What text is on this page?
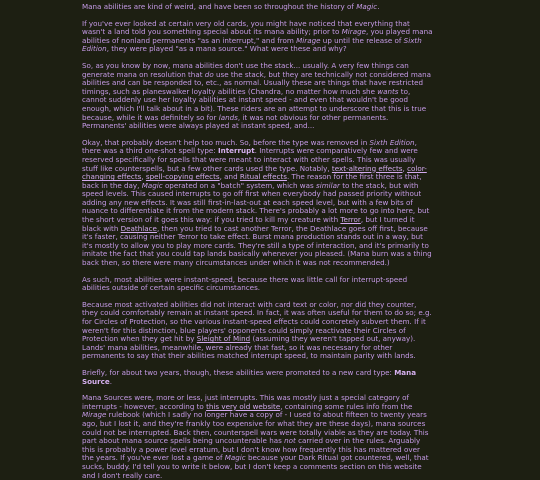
Mana abilities are kind of weird, and have been so throughout the history of Magic.

If you've ever looked at certain very old cards, you might have noticed that everything that wasn't a land told you something special about its mana ability; prior to Mirage, you played mana abilities of nonland permanents "as an interrupt," and from Mirage up until the release of Sixth Edition, they were played "as a mana source." What were these and why?

So, as you know by now, mana abilities don't use the stack... usually. A very few things can generate mana on resolution that do use the stack, but they are technically not considered mana abilities and can be responded to, etc., as normal. Usually these are things that have restricted timings, such as planeswalker loyalty abilities (Chandra, no matter how much she wants to, cannot suddenly use her loyalty abilities at instant speed - and even that wouldn't be good enough, which I'll talk about in a bit). These riders are an attempt to underscore that this is true because, while it was definitely so for lands, it was not obvious for other permanents. Permanents' abilities were always played at instant speed, and...

Okay, that probably doesn't help too much. So, before the type was removed in Sixth Edition, there was a third one-shot spell type: Interrupt. Interrupts were comparatively few and were reserved specifically for spells that were meant to interact with other spells. This was usually stuff like counterspells, but a few other cards used the type. Notably, text-altering effects, color-changing effects, spell-copying effects, and Ritual effects. The reason for the first three is that, back in the day, Magic operated on a "batch" system, which was similar to the stack, but with speed levels. This caused interrupts to go off first when everybody had passed priority without adding any new effects. It was still first-in-last-out at each speed level, but with a few bits of nuance to differentiate it from the modern stack. There's probably a lot more to go into here, but the short version of it goes this way: if you tried to kill my creature with Terror, but I turned it black with Deathlace, then you tried to cast another Terror, the Deathlace goes off first, because it's faster, causing neither Terror to take effect. Burst mana production stands out in a way, but it's mostly to allow you to play more cards. They're still a type of interaction, and it's primarily to imitate the fact that you could tap lands basically whenever you pleased. (Mana burn was a thing back then, so there were many circumstances under which it was not recommended.)

As such, most abilities were instant-speed, because there was little call for interrupt-speed abilities outside of certain specific circumstances.

Because most activated abilities did not interact with card text or color, nor did they counter, they could comfortably remain at instant speed. In fact, it was often useful for them to do so; e.g. for Circles of Protection, so the various instant-speed effects could concretely subvert them. If it weren't for this distinction, blue players' opponents could simply reactivate their Circles of Protection when they get hit by Sleight of Mind (assuming they weren't tapped out, anyway). Lands' mana abilities, meanwhile, were already that fast, so it was necessary for other permanents to say that their abilities matched interrupt speed, to maintain parity with lands.

Briefly, for about two years, though, these abilities were promoted to a new card type: Mana Source.

Mana Sources were, more or less, just interrupts. This was mostly just a special category of interrupts - however, according to this very old website, containing some rules info from the Mirage rulebook (which I sadly no longer have a copy of - I used to about fifteen to twenty years ago, but I lost it, and they're frankly too expensive for what they are these days), mana sources could not be interrupted. Back then, counterspell wars were totally viable as they are today. This part about mana source spells being uncounterable has not carried over in the rules. Arguably this is probably a power level erratum, but I don't know how frequently this has mattered over the years. If you've ever lost a game of Magic because your Dark Ritual got countered, well, that sucks, buddy. I'd tell you to write it below, but I don't keep a comments section on this website and I don't really care.
